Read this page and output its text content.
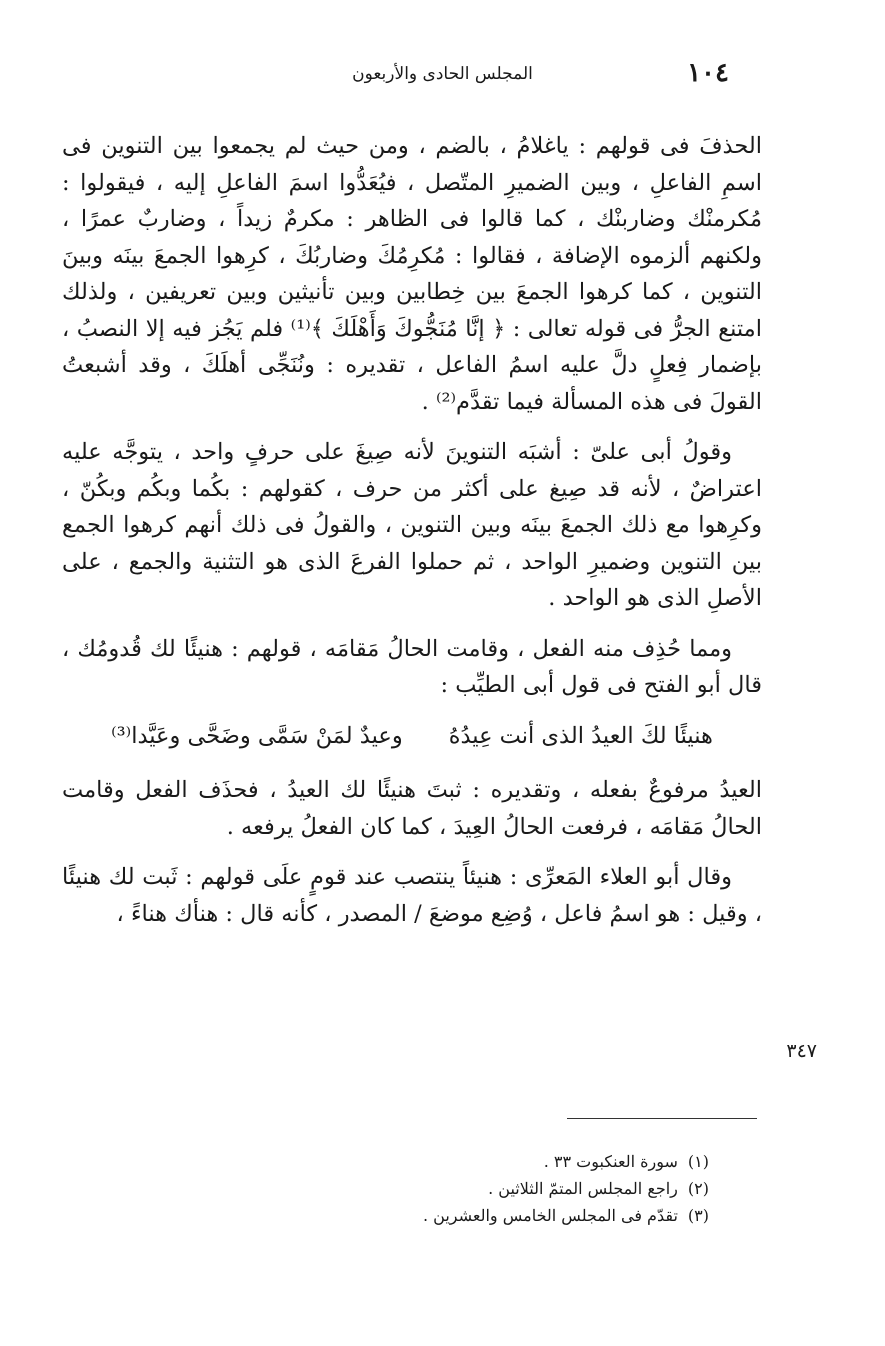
١٠٤
المجلس الحادى والأربعون

الحذفَ فى قولهم : ياغلامُ ، بالضم ، ومن حيث لم يجمعوا بين التنوين فى اسمِ الفاعلِ ، وبين الضميرِ المتّصل ، فيُعَدُّوا اسمَ الفاعلِ إليه ، فيقولوا : مُكرمنْك وضاربنْك ، كما قالوا فى الظاهر : مكرمٌ زيداً ، وضاربٌ عمرًا ، ولكنهم ألزموه الإضافة ، فقالوا : مُكرِمُكَ وضاربُكَ ، كرِهوا الجمعَ بينَه وبينَ التنوين ، كما كرهوا الجمعَ بين خِطابين وبين تأنيثين وبين تعريفين ، ولذلك امتنع الجرُّ فى قوله تعالى : ﴿ إنَّا مُنَجُّوكَ وَأَهْلَكَ ﴾⁽¹⁾ فلم يَجُز فيه إلا النصبُ ، بإضمار فِعلٍ دلَّ عليه اسمُ الفاعل ، تقديره : ونُنَجِّى أهلَكَ ، وقد أشبعتُ القولَ فى هذه المسألة فيما تقدَّم⁽²⁾ .

وقولُ أبى علىّ : أشبَه التنوينَ لأنه صِيغَ على حرفٍ واحد ، يتوجَّه عليه اعتراضٌ ، لأنه قد صِيغ على أكثر من حرف ، كقولهم : بكُما وبكُم وبكُنّ ، وكرِهوا مع ذلك الجمعَ بينَه وبين التنوين ، والقولُ فى ذلك أنهم كرهوا الجمع بين التنوين وضميرِ الواحد ، ثم حملوا الفرعَ الذى هو التثنية والجمع ، على الأصلِ الذى هو الواحد .

ومما حُذِف منه الفعل ، وقامت الحالُ مَقامَه ، قولهم : هنيئًا لك قُدومُك ، قال أبو الفتح فى قول أبى الطيِّب :

هنيئًا لكَ العيدُ الذى أنت عِيدُهُ
وعيدٌ لمَنْ سَمَّى وضَحَّى وعَيَّدا⁽³⁾

العيدُ مرفوعٌ بفعله ، وتقديره : ثبتَ هنيئًا لك العيدُ ، فحذَف الفعل وقامت الحالُ مَقامَه ، فرفعت الحالُ العِيدَ ، كما كان الفعلُ يرفعه .

وقال أبو العلاء المَعرِّى : هنيئاً ينتصب عند قومٍ علَى قولهم : ثَبت لك هنيئًا ، وقيل : هو اسمُ فاعل ، وُضِع موضعَ / المصدر ، كأنه قال : هنأك هناءً ،

٣٤٧

(١)سورة العنكبوت ٣٣ .

(٢)راجع المجلس المتمّ الثلاثين .

(٣)تقدّم فى المجلس الخامس والعشرين .
